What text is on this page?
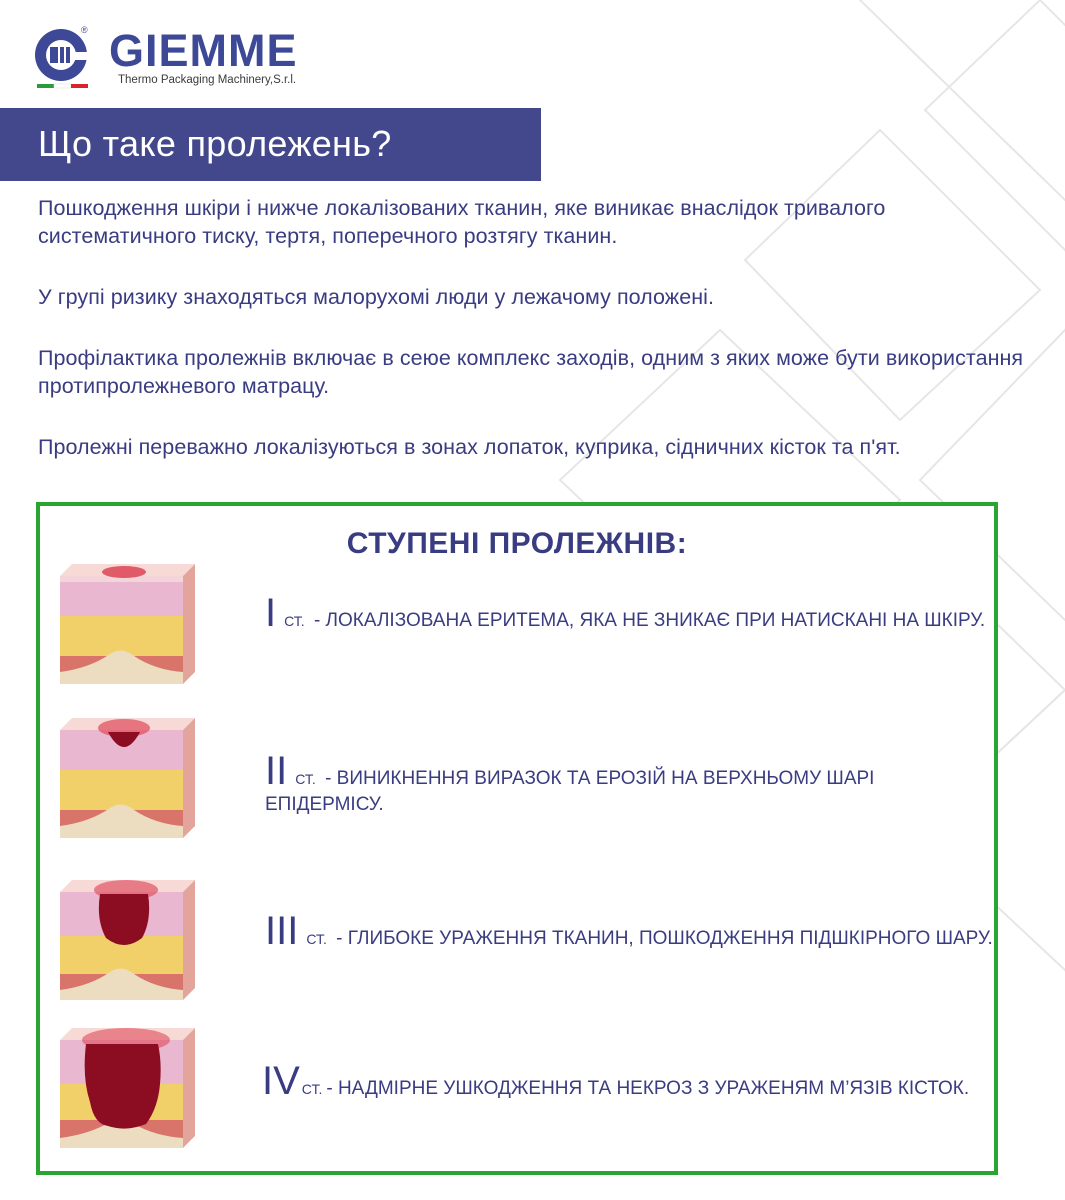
® GIEMME
Thermo Packaging Machinery,S.r.l.
Що таке пролежень?

Пошкодження шкіри і нижче локалізованих тканин, яке виникає внаслідок тривалого систематичного тиску, тертя, поперечного розтягу тканин.

У групі ризику знаходяться малорухомі люди у лежачому положені.

Профілактика пролежнів включає в сеюе комплекс заходів, одним з яких може бути використання протипролежневого матрацу.

Пролежні переважно локалізуються в зонах лопаток, куприка, сідничних кісток та п'ят.

СТУПЕНІ ПРОЛЕЖНІВ:
IСТ. - ЛОКАЛІЗОВАНА ЕРИТЕМА, ЯКА НЕ ЗНИКАЄ ПРИ НАТИСКАНІ НА ШКІРУ.
II СТ. - ВИНИКНЕННЯ ВИРАЗОК ТА ЕРОЗІЙ НА ВЕРХНЬОМУ ШАРІ ЕПІДЕРМІСУ.
III СТ. - ГЛИБОКЕ УРАЖЕННЯ ТКАНИН, ПОШКОДЖЕННЯ ПІДШКІРНОГО ШАРУ.
IV СТ. - НАДМІРНЕ УШКОДЖЕННЯ ТА НЕКРОЗ З УРАЖЕНЯМ М’ЯЗІВ КІСТОК.
